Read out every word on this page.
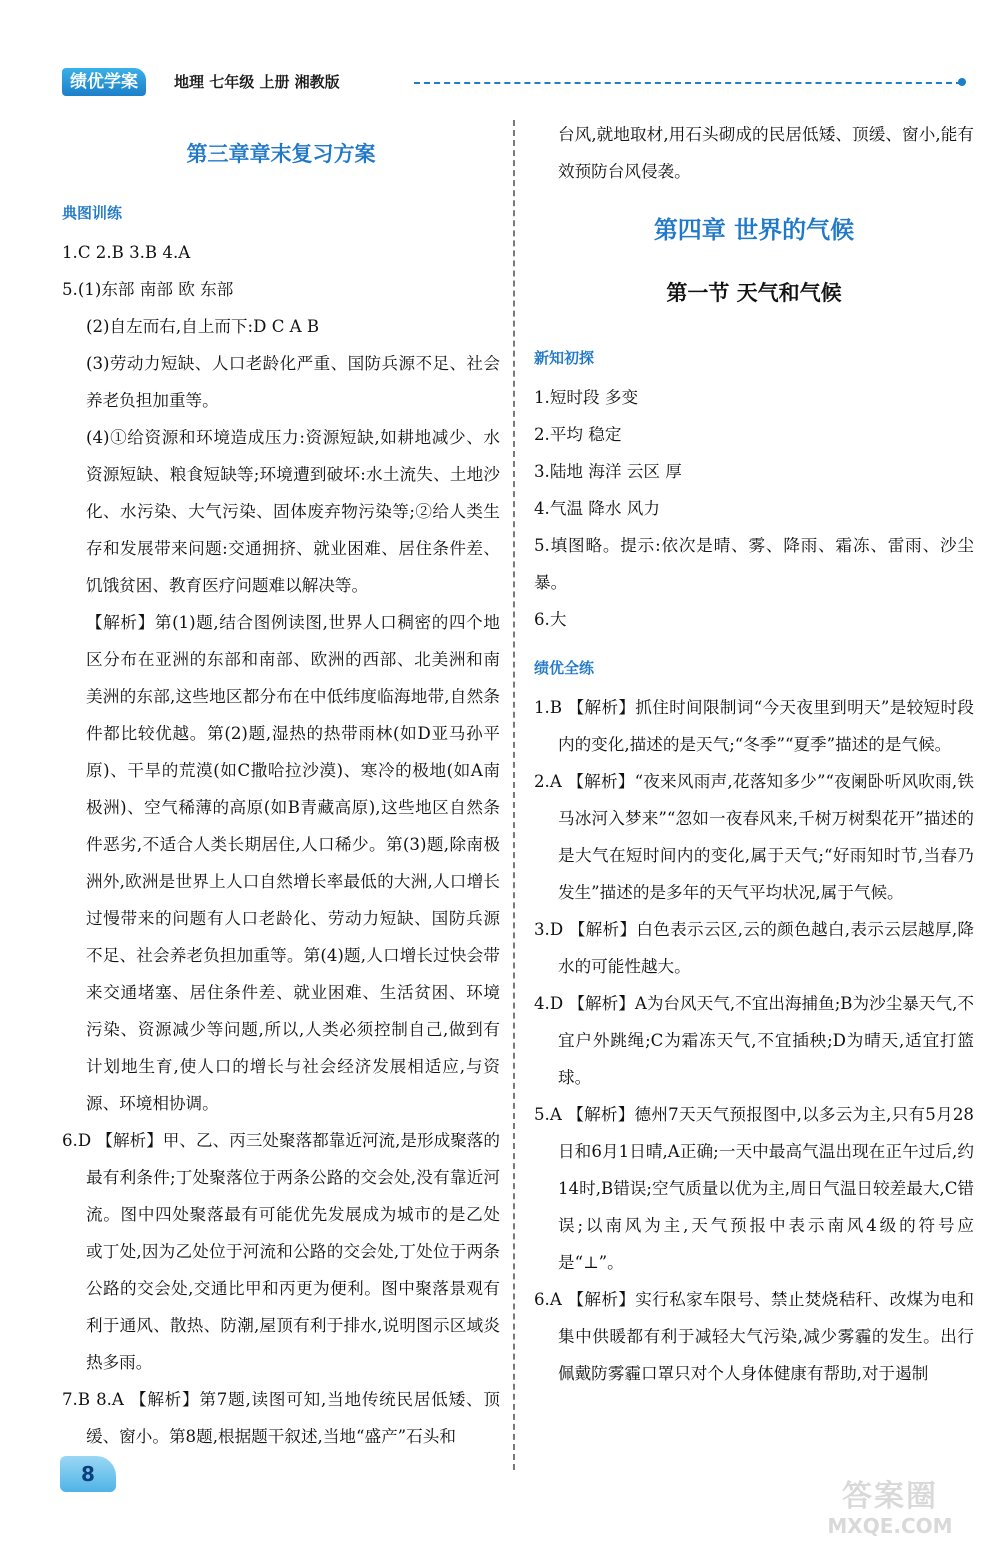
绩优学案	地理 七年级 上册 湘教版
第三章章末复习方案
典图训练

1.C 2.B 3.B 4.A

5.(1)东部 南部 欧 东部

(2)自左而右,自上而下:D C A B

(3)劳动力短缺、人口老龄化严重、国防兵源不足、社会养老负担加重等。

(4)①给资源和环境造成压力:资源短缺,如耕地减少、水资源短缺、粮食短缺等;环境遭到破坏:水土流失、土地沙化、水污染、大气污染、固体废弃物污染等;②给人类生存和发展带来问题:交通拥挤、就业困难、居住条件差、饥饿贫困、教育医疗问题难以解决等。

【解析】第(1)题,结合图例读图,世界人口稠密的四个地区分布在亚洲的东部和南部、欧洲的西部、北美洲和南美洲的东部,这些地区都分布在中低纬度临海地带,自然条件都比较优越。第(2)题,湿热的热带雨林(如D亚马孙平原)、干旱的荒漠(如C撒哈拉沙漠)、寒冷的极地(如A南极洲)、空气稀薄的高原(如B青藏高原),这些地区自然条件恶劣,不适合人类长期居住,人口稀少。第(3)题,除南极洲外,欧洲是世界上人口自然增长率最低的大洲,人口增长过慢带来的问题有人口老龄化、劳动力短缺、国防兵源不足、社会养老负担加重等。第(4)题,人口增长过快会带来交通堵塞、居住条件差、就业困难、生活贫困、环境污染、资源减少等问题,所以,人类必须控制自己,做到有计划地生育,使人口的增长与社会经济发展相适应,与资源、环境相协调。

6.D 【解析】甲、乙、丙三处聚落都靠近河流,是形成聚落的最有利条件;丁处聚落位于两条公路的交会处,没有靠近河流。图中四处聚落最有可能优先发展成为城市的是乙处或丁处,因为乙处位于河流和公路的交会处,丁处位于两条公路的交会处,交通比甲和丙更为便利。图中聚落景观有利于通风、散热、防潮,屋顶有利于排水,说明图示区域炎热多雨。

7.B 8.A 【解析】第7题,读图可知,当地传统民居低矮、顶缓、窗小。第8题,根据题干叙述,当地“盛产”石头和

台风,就地取材,用石头砌成的民居低矮、顶缓、窗小,能有效预防台风侵袭。

第四章 世界的气候
第一节 天气和气候
新知初探

1.短时段 多变

2.平均 稳定

3.陆地 海洋 云区 厚

4.气温 降水 风力

5.填图略。提示:依次是晴、雾、降雨、霜冻、雷雨、沙尘暴。

6.大

绩优全练

1.B 【解析】抓住时间限制词“今天夜里到明天”是较短时段内的变化,描述的是天气;“冬季”“夏季”描述的是气候。

2.A 【解析】“夜来风雨声,花落知多少”“夜阑卧听风吹雨,铁马冰河入梦来”“忽如一夜春风来,千树万树梨花开”描述的是大气在短时间内的变化,属于天气;“好雨知时节,当春乃发生”描述的是多年的天气平均状况,属于气候。

3.D 【解析】白色表示云区,云的颜色越白,表示云层越厚,降水的可能性越大。

4.D 【解析】A为台风天气,不宜出海捕鱼;B为沙尘暴天气,不宜户外跳绳;C为霜冻天气,不宜插秧;D为晴天,适宜打篮球。

5.A 【解析】德州7天天气预报图中,以多云为主,只有5月28日和6月1日晴,A正确;一天中最高气温出现在正午过后,约14时,B错误;空气质量以优为主,周日气温日较差最大,C错误;以南风为主,天气预报中表示南风4级的符号应是“⊥”。

6.A 【解析】实行私家车限号、禁止焚烧秸秆、改煤为电和集中供暖都有利于减轻大气污染,减少雾霾的发生。出行佩戴防雾霾口罩只对个人身体健康有帮助,对于遏制

8
答案圈
MXQE.COM
